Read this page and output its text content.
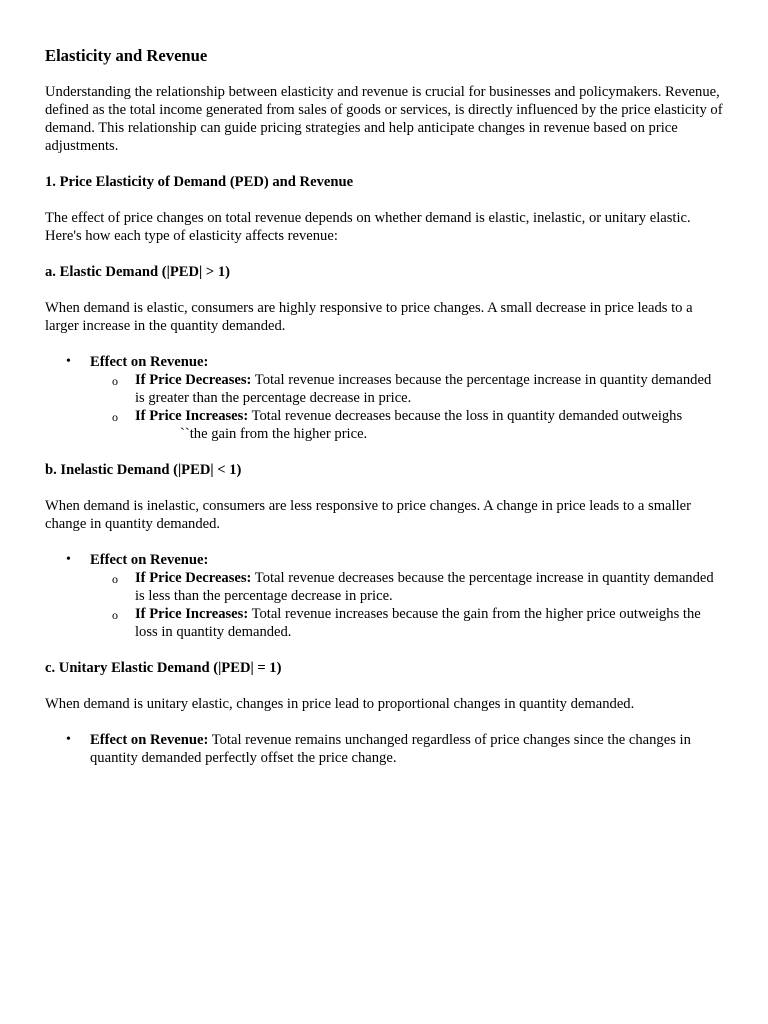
Elasticity and Revenue

Understanding the relationship between elasticity and revenue is crucial for businesses and policymakers. Revenue, defined as the total income generated from sales of goods or services, is directly influenced by the price elasticity of demand. This relationship can guide pricing strategies and help anticipate changes in revenue based on price adjustments.

1. Price Elasticity of Demand (PED) and Revenue

The effect of price changes on total revenue depends on whether demand is elastic, inelastic, or unitary elastic. Here's how each type of elasticity affects revenue:

a. Elastic Demand (|PED| > 1)

When demand is elastic, consumers are highly responsive to price changes. A small decrease in price leads to a larger increase in the quantity demanded.

• Effect on Revenue:
o If Price Decreases: Total revenue increases because the percentage increase in quantity demanded is greater than the percentage decrease in price.
o If Price Increases: Total revenue decreases because the loss in quantity demanded outweighs
``the gain from the higher price.
b. Inelastic Demand (|PED| < 1)

When demand is inelastic, consumers are less responsive to price changes. A change in price leads to a smaller change in quantity demanded.

• Effect on Revenue:
o If Price Decreases: Total revenue decreases because the percentage increase in quantity demanded is less than the percentage decrease in price.
o If Price Increases: Total revenue increases because the gain from the higher price outweighs the loss in quantity demanded.
c. Unitary Elastic Demand (|PED| = 1)

When demand is unitary elastic, changes in price lead to proportional changes in quantity demanded.

• Effect on Revenue: Total revenue remains unchanged regardless of price changes since the changes in quantity demanded perfectly offset the price change.
